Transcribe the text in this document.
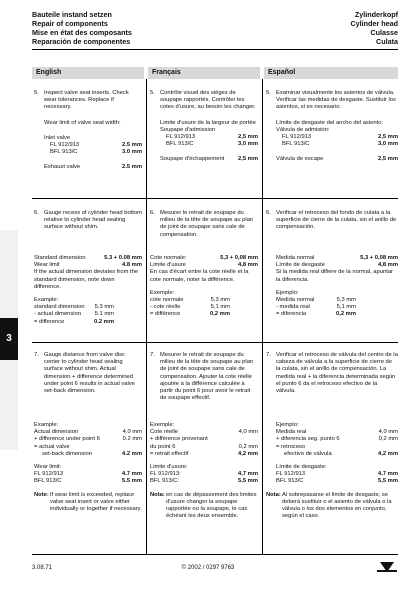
Bauteile instand setzen
Repair of components
Mise en état des composants
Reparación de componentes
Zylinderkopf
Cylinder head
Culasse
Culata
3
English	Français	Español
5. Inspect valve seat inserts. Check wear tolerances. Replace if necessary.

Wear limit of valve seat width:

Inlet valve

FL 912/913	2.5 mm
BFL 913/C	3.0 mm
Exhaust valve	2.5 mm
6. Gauge recess of cylinder head bottom relative to cylinder head sealing surface without shim.

Standard dimension	5.3 + 0.08 mm
Wear limit	4.8 mm

If the actual dimension deviates from the standard dimension, note down difference.

Example:

standard dimension 5.3 mm
- actual dimension 5.1 mm
= difference	0.2 mm
7. Gauge distance from valve disc center to cylinder head sealing surface without shim. Actual dimension + difference determined under point 6 results in actual valve set-back dimension.

Example:

Actual dimension	4.0 mm
+ difference under point 6	0.2 mm
= actual valve
set-back dimension	4.2 mm

Wear limit:

FL 912/913	4.7 mm
BFL 913/C	5.5 mm
Note: If wear limit is exceeded, replace valve seat insert or valve either individually or together if necessary.

5. Contrôle visuel des sièges de soupape rapportés. Contrôler les cotes d'usure, au besoin les changer.

Limite d'usure de la largeur de portée

Soupape d'admission

FL 912/913	2,5 mm
BFL 913/C	3,0 mm
Soupape d'échappement 2,5 mm
6. Mesurer le retrait de soupape du milieu de la tête de soupape au plan de joint de soupape sans cale de compensation.

Cote normale:	5,3 + 0,08 mm
Limite d'usure	4,8 mm

En cas d'écart entre la cote réelle et la cote normale, noter la différence.

Exemple:

cote normale	5,3 mm
- cote réelle	5,1 mm
= différence	0,2 mm
7. Mesurer le retrait de soupape du milieu de la tête de soupape au plan de joint de soupape sans cale de compensation. Ajouter la cote réelle ajoutée à la différence calculée à partir du point 6 pour avoir le retrait de soupape effectif.

Exemple:

Cote réelle	4,0 mm
+ différence provenant
du point 6	0,2 mm
= retrait effectif	4,2 mm

Limite d'usure:

FL 912/913:	4,7 mm
BFL 913/C:	5,5 mm
Nota: en cas de dépassement des limites d'usure changer la soupape rapportée ou la soupape, le cas échéant les deux ensemble.

5. Examinar visualmente los asientos de válvula. Verificar las medidas de desgaste. Sustituir los asientos, si es necesario.

Límite de desgaste del ancho del asiento:

Válvula de admisión:

FL 912/913	2,5 mm
BFL 913/C	3,0 mm
Válvula de escape	2,5 mm
6. Verificar el retroceso del fondo de culata a la superficie de cierre de la culata, sin el anillo de compensación.

Medida normal	5,3 + 0,08 mm
Límite de desgaste	4,8 mm

Si la medida real difiere de la normal, apuntar la diferencia.

Ejemplo:

Medida normal	5,3 mm
- medida real	5,1 mm
= diferencia	0,2 mm
7. Verificar el retroceso de válvula del centro de la cabeza de válvula a la superficie de cierre de la culata, sin el anillo de compensación. La medida real + la diferencia determinada según el punto 6 da el retroceso efectivo de la válvula.

Ejemplo:

Medida real	4,0 mm
+ diferencia seg. punto 6	0,2 mm
= retroceso
efectivo de válvula	4,2 mm

Límite de desgaste:

FL 912/913	4,7 mm
BFL 913/C	5,5 mm
Nota: Al sobrepasarse el límite de desgaste, se deberá sustituir o el asiento de válvula o la válvula o los dos elementos en conjunto, según el caso.

3.08.71	© 2002 / 0297 9763
